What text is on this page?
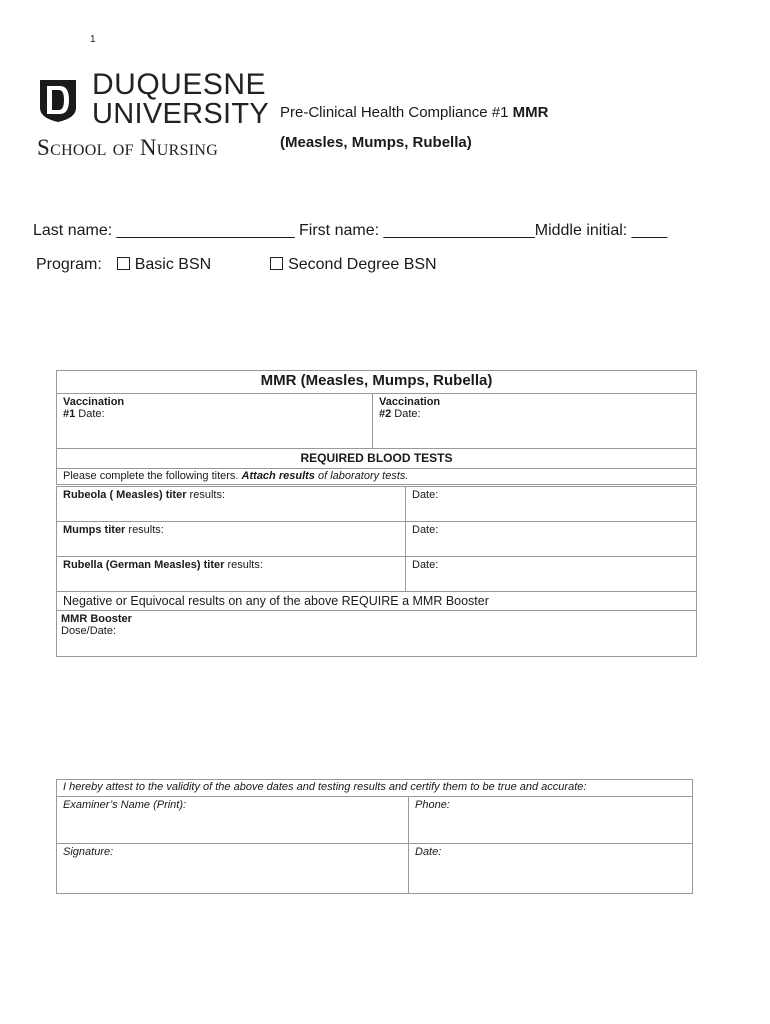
1
DUQUESNE
UNIVERSITY
School of Nursing
Pre-Clinical Health Compliance #1 MMR
(Measles, Mumps, Rubella)
Last name: ____________________ First name: _________________Middle initial: ____
Program: Basic BSN	Second Degree BSN
MMR (Measles, Mumps, Rubella)

Vaccination
#1 Date:

Vaccination
#2 Date:

REQUIRED BLOOD TESTS
Please complete the following titers. Attach results of laboratory tests.
Rubeola ( Measles) titer results:	Date:
Mumps titer results:	Date:
Rubella (German Measles) titer results:	Date:
Negative or Equivocal results on any of the above REQUIRE a MMR Booster	

MMR Booster
Dose/Date:	
I hereby attest to the validity of the above dates and testing results and certify them to be true and accurate:	
Examiner’s Name (Print):	Phone:
Signature:	Date:
